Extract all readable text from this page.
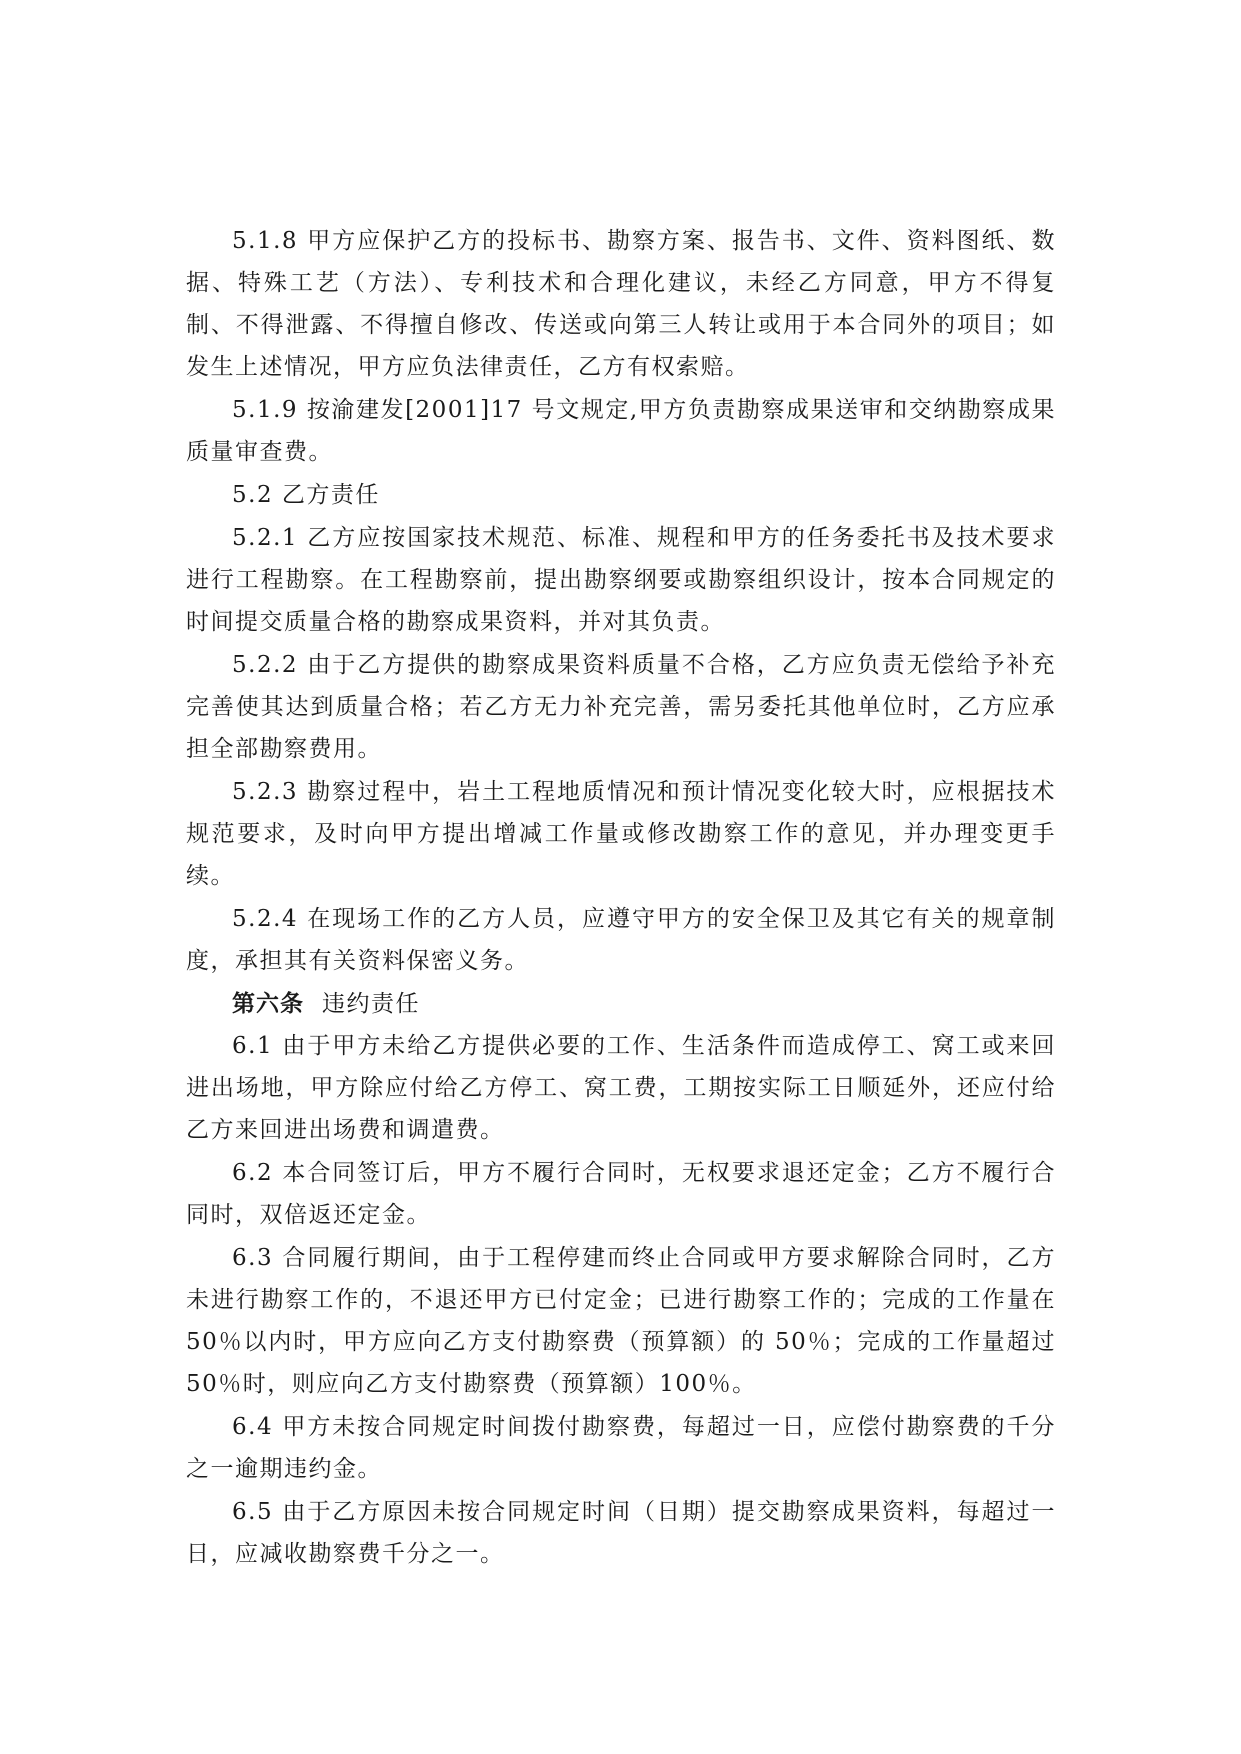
5.1.8 甲方应保护乙方的投标书、勘察方案、报告书、文件、资料图纸、数据、特殊工艺（方法）、专利技术和合理化建议，未经乙方同意，甲方不得复制、不得泄露、不得擅自修改、传送或向第三人转让或用于本合同外的项目；如发生上述情况，甲方应负法律责任，乙方有权索赔。

5.1.9 按渝建发[2001]17 号文规定,甲方负责勘察成果送审和交纳勘察成果质量审查费。

5.2 乙方责任

5.2.1 乙方应按国家技术规范、标准、规程和甲方的任务委托书及技术要求进行工程勘察。在工程勘察前，提出勘察纲要或勘察组织设计，按本合同规定的时间提交质量合格的勘察成果资料，并对其负责。

5.2.2 由于乙方提供的勘察成果资料质量不合格，乙方应负责无偿给予补充完善使其达到质量合格；若乙方无力补充完善，需另委托其他单位时，乙方应承担全部勘察费用。

5.2.3 勘察过程中，岩土工程地质情况和预计情况变化较大时，应根据技术规范要求，及时向甲方提出增减工作量或修改勘察工作的意见，并办理变更手续。

5.2.4 在现场工作的乙方人员，应遵守甲方的安全保卫及其它有关的规章制度，承担其有关资料保密义务。

第六条 违约责任

6.1 由于甲方未给乙方提供必要的工作、生活条件而造成停工、窝工或来回进出场地，甲方除应付给乙方停工、窝工费，工期按实际工日顺延外，还应付给乙方来回进出场费和调遣费。

6.2 本合同签订后，甲方不履行合同时，无权要求退还定金；乙方不履行合同时，双倍返还定金。

6.3 合同履行期间，由于工程停建而终止合同或甲方要求解除合同时，乙方未进行勘察工作的，不退还甲方已付定金；已进行勘察工作的；完成的工作量在50％以内时，甲方应向乙方支付勘察费（预算额）的 50％；完成的工作量超过 50％时，则应向乙方支付勘察费（预算额）100％。

6.4 甲方未按合同规定时间拨付勘察费，每超过一日，应偿付勘察费的千分之一逾期违约金。

6.5 由于乙方原因未按合同规定时间（日期）提交勘察成果资料，每超过一日，应减收勘察费千分之一。
